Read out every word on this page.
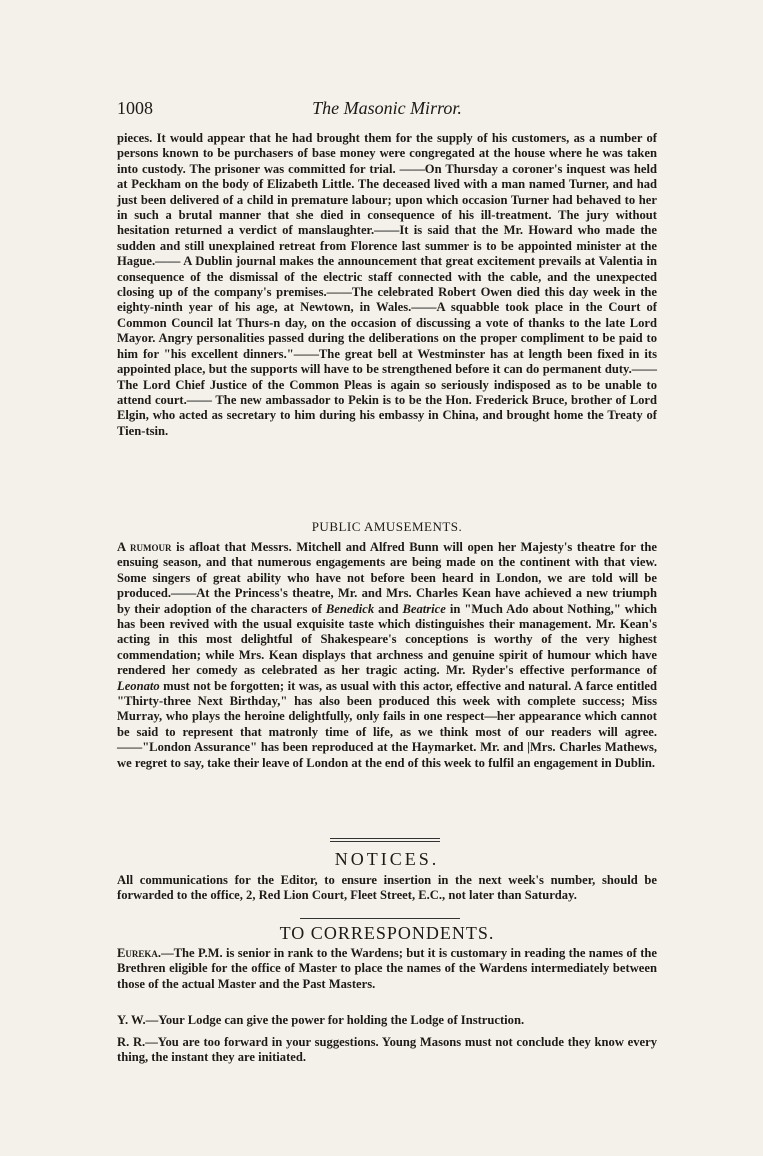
1008	The Masonic Mirror.

pieces. It would appear that he had brought them for the supply of his customers, as a number of persons known to be purchasers of base money were congregated at the house where he was taken into custody. The prisoner was committed for trial. ——On Thursday a coroner's inquest was held at Peckham on the body of Elizabeth Little. The deceased lived with a man named Turner, and had just been delivered of a child in premature labour; upon which occasion Turner had behaved to her in such a brutal manner that she died in consequence of his ill-treatment. The jury without hesitation returned a verdict of manslaughter.——It is said that the Mr. Howard who made the sudden and still unexplained retreat from Florence last summer is to be appointed minister at the Hague.—— A Dublin journal makes the announcement that great excitement prevails at Valentia in consequence of the dismissal of the electric staff connected with the cable, and the unexpected closing up of the company's premises.——The celebrated Robert Owen died this day week in the eighty-ninth year of his age, at Newtown, in Wales.——A squabble took place in the Court of Common Council lat Thurs-n day, on the occasion of discussing a vote of thanks to the late Lord Mayor. Angry personalities passed during the deliberations on the proper compliment to be paid to him for "his excellent dinners."——The great bell at Westminster has at length been fixed in its appointed place, but the supports will have to be strengthened before it can do permanent duty.——The Lord Chief Justice of the Common Pleas is again so seriously indisposed as to be unable to attend court.—— The new ambassador to Pekin is to be the Hon. Frederick Bruce, brother of Lord Elgin, who acted as secretary to him during his embassy in China, and brought home the Treaty of Tien-tsin.

PUBLIC AMUSEMENTS.

A rumour is afloat that Messrs. Mitchell and Alfred Bunn will open her Majesty's theatre for the ensuing season, and that numerous engagements are being made on the continent with that view. Some singers of great ability who have not before been heard in London, we are told will be produced.——At the Princess's theatre, Mr. and Mrs. Charles Kean have achieved a new triumph by their adoption of the characters of Benedick and Beatrice in "Much Ado about Nothing," which has been revived with the usual exquisite taste which distinguishes their management. Mr. Kean's acting in this most delightful of Shakespeare's conceptions is worthy of the very highest commendation; while Mrs. Kean displays that archness and genuine spirit of humour which have rendered her comedy as celebrated as her tragic acting. Mr. Ryder's effective performance of Leonato must not be forgotten; it was, as usual with this actor, effective and natural. A farce entitled "Thirty-three Next Birthday," has also been produced this week with complete success; Miss Murray, who plays the heroine delightfully, only fails in one respect—her appearance which cannot be said to represent that matronly time of life, as we think most of our readers will agree.——"London Assurance" has been reproduced at the Haymarket. Mr. and |Mrs. Charles Mathews, we regret to say, take their leave of London at the end of this week to fulfil an engagement in Dublin.

NOTICES.

All communications for the Editor, to ensure insertion in the next week's number, should be forwarded to the office, 2, Red Lion Court, Fleet Street, E.C., not later than Saturday.

TO CORRESPONDENTS.

Eureka.—The P.M. is senior in rank to the Wardens; but it is customary in reading the names of the Brethren eligible for the office of Master to place the names of the Wardens intermediately between those of the actual Master and the Past Masters.

Y. W.—Your Lodge can give the power for holding the Lodge of Instruction.

R. R.—You are too forward in your suggestions. Young Masons must not conclude they know every thing, the instant they are initiated.
